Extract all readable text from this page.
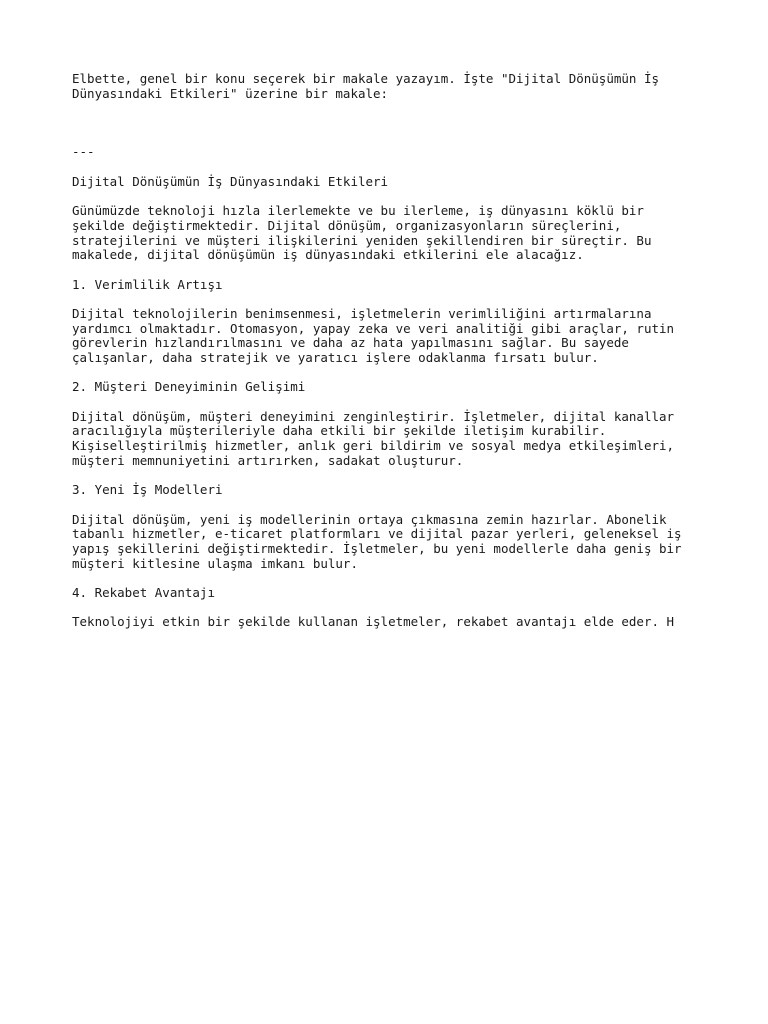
Elbette, genel bir konu seçerek bir makale yazayım. İşte "Dijital Dönüşümün İş
Dünyasındaki Etkileri" üzerine bir makale:
---
Dijital Dönüşümün İş Dünyasındaki Etkileri
Günümüzde teknoloji hızla ilerlemekte ve bu ilerleme, iş dünyasını köklü bir
şekilde değiştirmektedir. Dijital dönüşüm, organizasyonların süreçlerini,
stratejilerini ve müşteri ilişkilerini yeniden şekillendiren bir süreçtir. Bu
makalede, dijital dönüşümün iş dünyasındaki etkilerini ele alacağız.
1. Verimlilik Artışı
Dijital teknolojilerin benimsenmesi, işletmelerin verimliliğini artırmalarına
yardımcı olmaktadır. Otomasyon, yapay zeka ve veri analitiği gibi araçlar, rutin
görevlerin hızlandırılmasını ve daha az hata yapılmasını sağlar. Bu sayede
çalışanlar, daha stratejik ve yaratıcı işlere odaklanma fırsatı bulur.
2. Müşteri Deneyiminin Gelişimi
Dijital dönüşüm, müşteri deneyimini zenginleştirir. İşletmeler, dijital kanallar
aracılığıyla müşterileriyle daha etkili bir şekilde iletişim kurabilir.
Kişiselleştirilmiş hizmetler, anlık geri bildirim ve sosyal medya etkileşimleri,
müşteri memnuniyetini artırırken, sadakat oluşturur.
3. Yeni İş Modelleri
Dijital dönüşüm, yeni iş modellerinin ortaya çıkmasına zemin hazırlar. Abonelik
tabanlı hizmetler, e-ticaret platformları ve dijital pazar yerleri, geleneksel iş
yapış şekillerini değiştirmektedir. İşletmeler, bu yeni modellerle daha geniş bir
müşteri kitlesine ulaşma imkanı bulur.
4. Rekabet Avantajı
Teknolojiyi etkin bir şekilde kullanan işletmeler, rekabet avantajı elde eder. H
